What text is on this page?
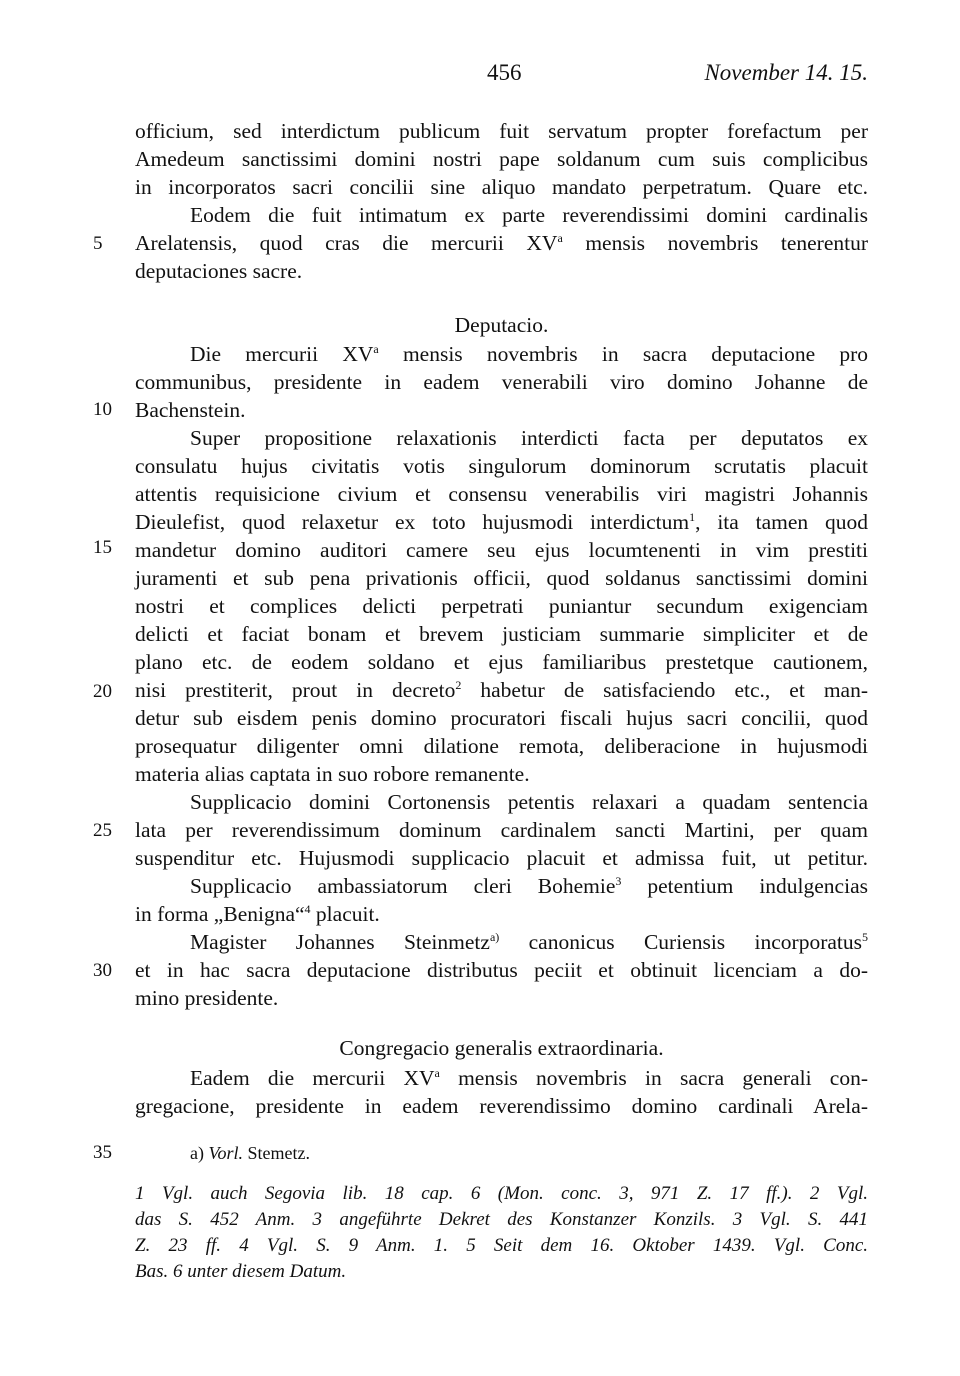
456	November 14. 15.
5
10
15
20
25
30
35
officium, sed interdictum publicum fuit servatum propter forefactum per
Amedeum sanctissimi domini nostri pape soldanum cum suis complicibus
in incorporatos sacri concilii sine aliquo mandato perpetratum. Quare etc.
Eodem die fuit intimatum ex parte reverendissimi domini cardinalis
Arelatensis, quod cras die mercurii $XV^a$ mensis novembris tenerentur
deputaciones sacre.
Deputacio.
Die mercurii $XV^a$ mensis novembris in sacra deputacione pro
communibus, presidente in eadem venerabili viro domino Johanne de
Bachenstein.
Super propositione relaxationis interdicti facta per deputatos ex
consulatu hujus civitatis votis singulorum dominorum scrutatis placuit
attentis requisicione civium et consensu venerabilis viri magistri Johannis
Dieulefist, quod relaxetur ex toto hujusmodi interdictum$^1$, ita tamen quod
mandetur domino auditori camere seu ejus locumtenenti in vim prestiti
juramenti et sub pena privationis officii, quod soldanus sanctissimi domini
nostri et complices delicti perpetrati puniantur secundum exigenciam
delicti et faciat bonam et brevem justiciam summarie simpliciter et de
plano etc. de eodem soldano et ejus familiaribus prestetque cautionem,
nisi prestiterit, prout in decreto$^2$ habetur de satisfaciendo etc., et man-
detur sub eisdem penis domino procuratori fiscali hujus sacri concilii, quod
prosequatur diligenter omni dilatione remota, deliberacione in hujusmodi
materia alias captata in suo robore remanente.
Supplicacio domini Cortonensis petentis relaxari a quadam sentencia
lata per reverendissimum dominum cardinalem sancti Martini, per quam
suspenditur etc. Hujusmodi supplicacio placuit et admissa fuit, ut petitur.
Supplicacio ambassiatorum cleri Bohemie$^3$ petentium indulgencias
in forma „Benigna“$^4$ placuit.
Magister Johannes Steinmetz$^{a)}$ canonicus Curiensis incorporatus$^5$
et in hac sacra deputacione distributus peciit et obtinuit licenciam a do-
mino presidente.
Congregacio generalis extraordinaria.
Eadem die mercurii $XV^a$ mensis novembris in sacra generali con-
gregacione, presidente in eadem reverendissimo domino cardinali Arela-
a) Vorl. Stemetz.
1 Vgl. auch Segovia lib. 18 cap. 6 (Mon. conc. 3, 971 Z. 17 ff.). 2 Vgl.
das S. 452 Anm. 3 angeführte Dekret des Konstanzer Konzils. 3 Vgl. S. 441
Z. 23 ff. 4 Vgl. S. 9 Anm. 1. 5 Seit dem 16. Oktober 1439. Vgl. Conc.
Bas. 6 unter diesem Datum.
